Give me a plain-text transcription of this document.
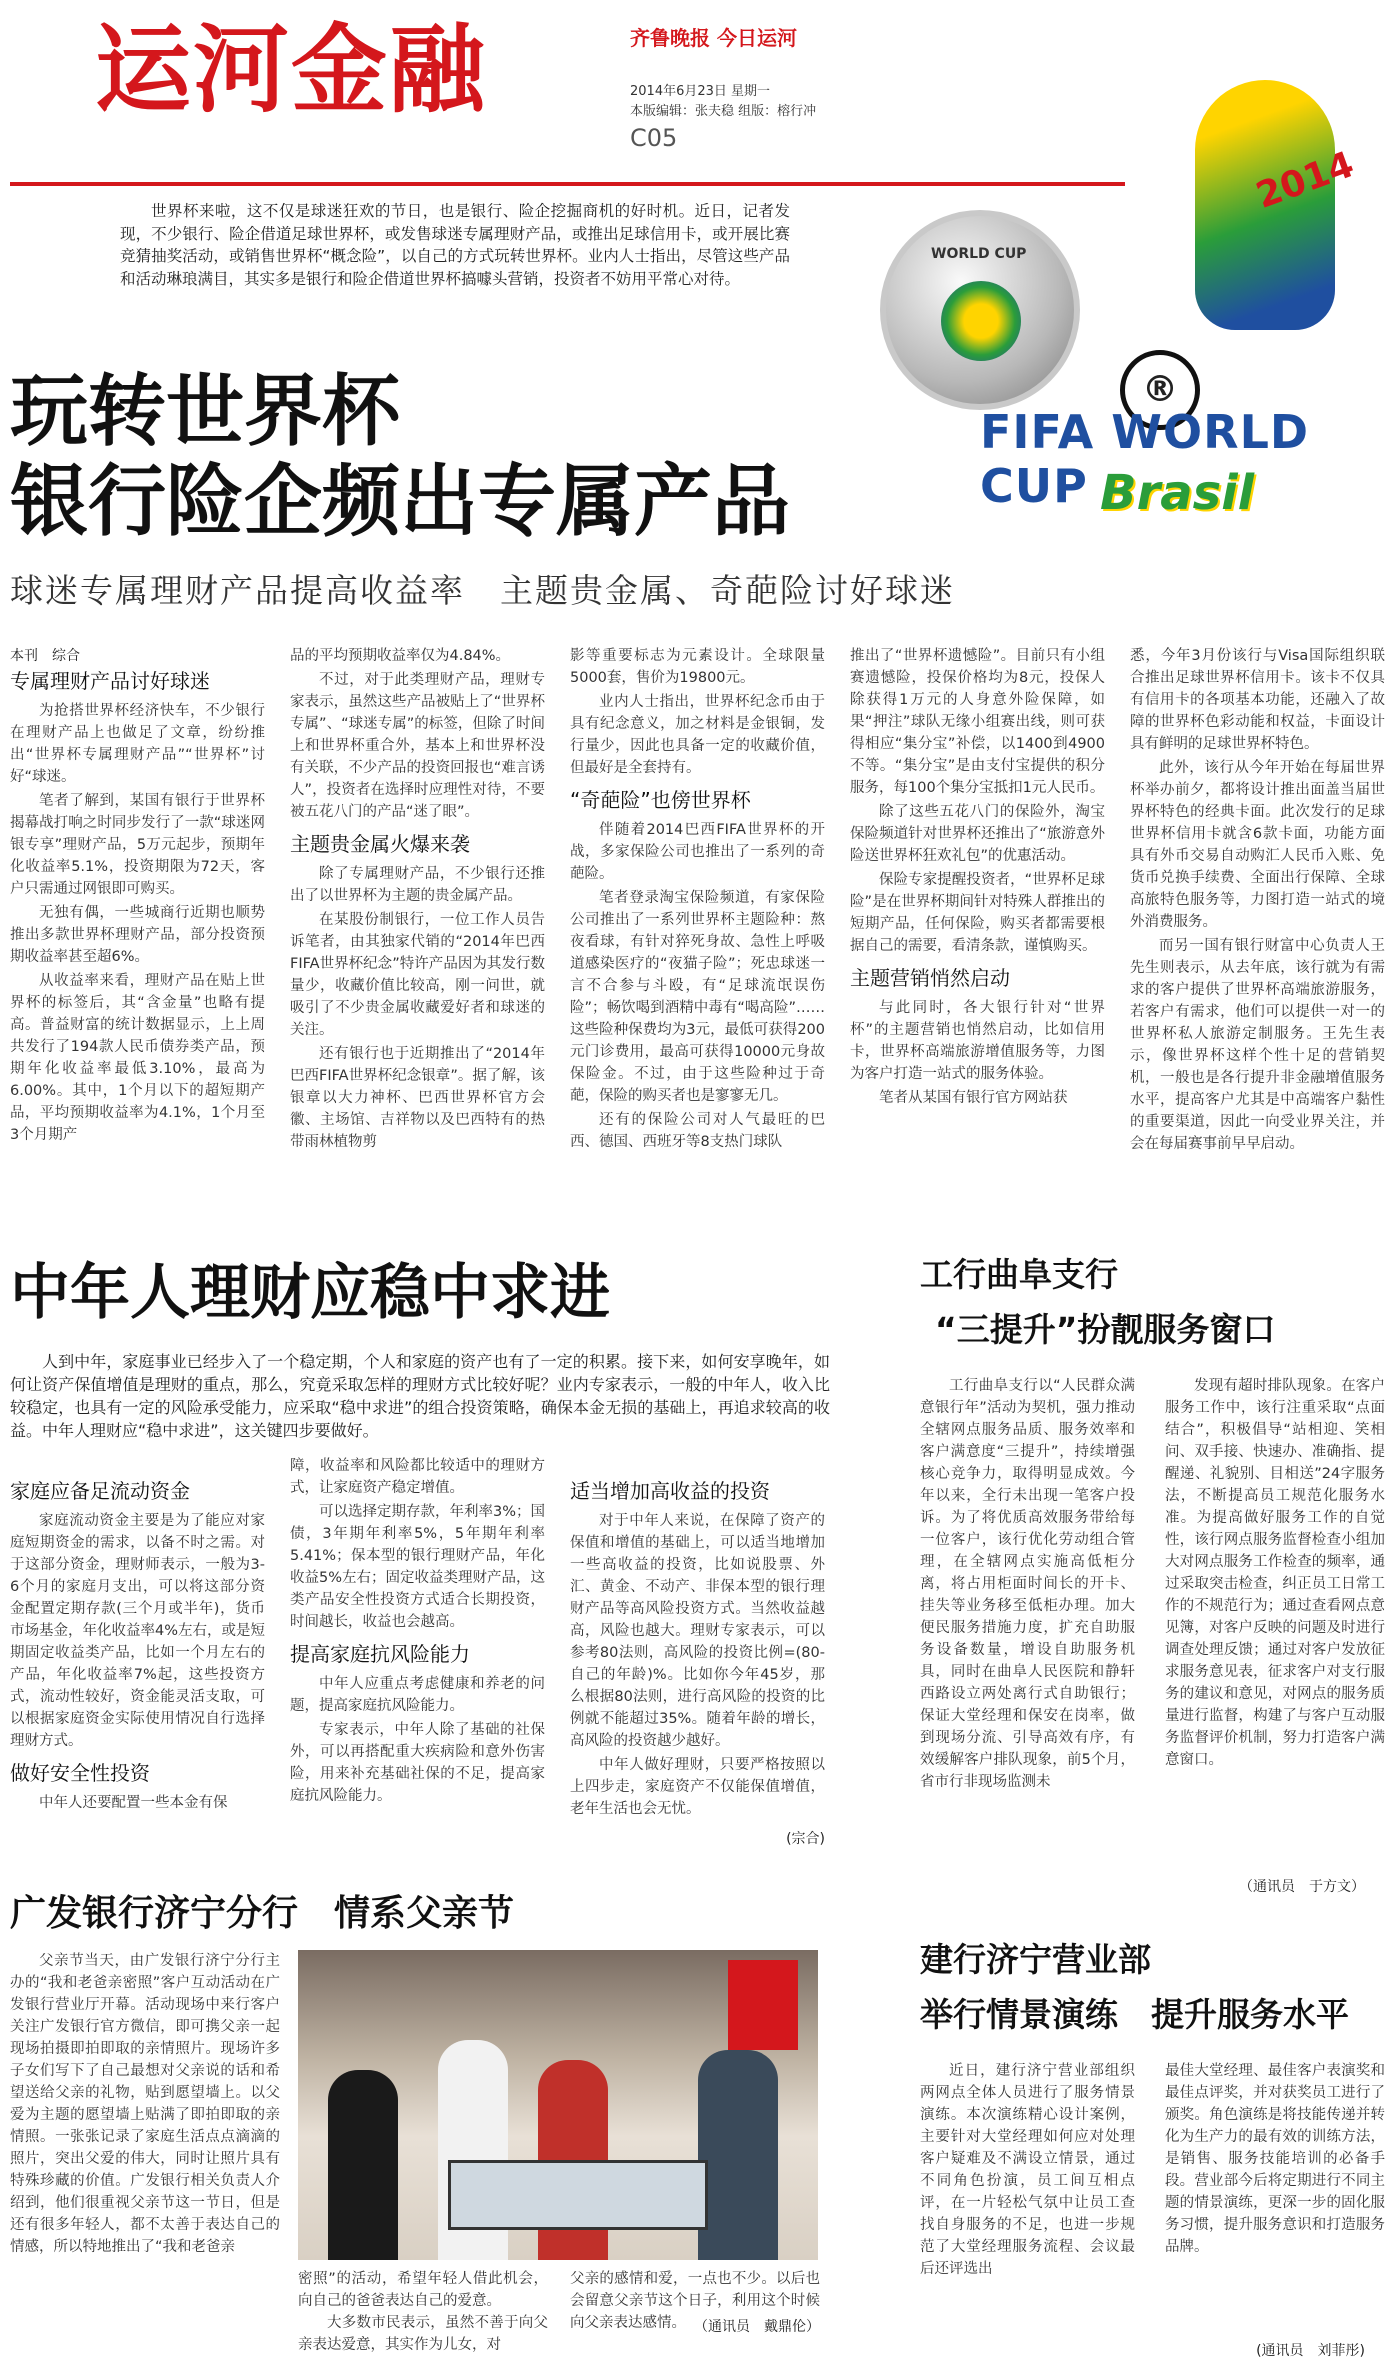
运河金融	齐鲁晚报 今日运河
2014年6月23日 星期一
本版编辑：张夫稳 组版：榕行冲
C05
世界杯来啦，这不仅是球迷狂欢的节日，也是银行、险企挖掘商机的好时机。近日，记者发现，不少银行、险企借道足球世界杯，或发售球迷专属理财产品，或推出足球信用卡，或开展比赛竞猜抽奖活动，或销售世界杯“概念险”，以自己的方式玩转世界杯。业内人士指出，尽管这些产品和活动琳琅满目，其实多是银行和险企借道世界杯搞噱头营销，投资者不妨用平常心对待。
WORLD CUP
2014
®
FIFA WORLD CUP Brasil
玩转世界杯
银行险企频出专属产品
球迷专属理财产品提高收益率　主题贵金属、奇葩险讨好球迷
本刊　综合
专属理财产品讨好球迷

为抢搭世界杯经济快车，不少银行在理财产品上也做足了文章，纷纷推出“世界杯专属理财产品”“世界杯”讨好“球迷。

笔者了解到，某国有银行于世界杯揭幕战打响之时同步发行了一款“球迷网银专享”理财产品，5万元起步，预期年化收益率5.1%，投资期限为72天，客户只需通过网银即可购买。

无独有偶，一些城商行近期也顺势推出多款世界杯理财产品，部分投资预期收益率甚至超6%。

从收益率来看，理财产品在贴上世界杯的标签后，其“含金量”也略有提高。普益财富的统计数据显示，上上周共发行了194款人民币债券类产品，预期年化收益率最低3.10%，最高为6.00%。其中，1个月以下的超短期产品，平均预期收益率为4.1%，1个月至3个月期产

品的平均预期收益率仅为4.84%。

不过，对于此类理财产品，理财专家表示，虽然这些产品被贴上了“世界杯专属”、“球迷专属”的标签，但除了时间上和世界杯重合外，基本上和世界杯没有关联，不少产品的投资回报也“难言诱人”，投资者在选择时应理性对待，不要被五花八门的产品“迷了眼”。

主题贵金属火爆来袭

除了专属理财产品，不少银行还推出了以世界杯为主题的贵金属产品。

在某股份制银行，一位工作人员告诉笔者，由其独家代销的“2014年巴西FIFA世界杯纪念”特许产品因为其发行数量少，收藏价值比较高，刚一问世，就吸引了不少贵金属收藏爱好者和球迷的关注。

还有银行也于近期推出了“2014年巴西FIFA世界杯纪念银章”。据了解，该银章以大力神杯、巴西世界杯官方会徽、主场馆、吉祥物以及巴西特有的热带雨林植物剪

影等重要标志为元素设计。全球限量5000套，售价为19800元。

业内人士指出，世界杯纪念币由于具有纪念意义，加之材料是金银铜，发行量少，因此也具备一定的收藏价值，但最好是全套持有。

“奇葩险”也傍世界杯

伴随着2014巴西FIFA世界杯的开战，多家保险公司也推出了一系列的奇葩险。

笔者登录淘宝保险频道，有家保险公司推出了一系列世界杯主题险种：熬夜看球，有针对猝死身故、急性上呼吸道感染医疗的“夜猫子险”；死忠球迷一言不合参与斗殴，有“足球流氓误伤险”；畅饮喝到酒精中毒有“喝高险”……这些险种保费均为3元，最低可获得200元门诊费用，最高可获得10000元身故保险金。不过，由于这些险种过于奇葩，保险的购买者也是寥寥无几。

还有的保险公司对人气最旺的巴西、德国、西班牙等8支热门球队

推出了“世界杯遗憾险”。目前只有小组赛遗憾险，投保价格均为8元，投保人除获得1万元的人身意外险保障，如果“押注”球队无缘小组赛出线，则可获得相应“集分宝”补偿，以1400到4900不等。“集分宝”是由支付宝提供的积分服务，每100个集分宝抵扣1元人民币。

除了这些五花八门的保险外，淘宝保险频道针对世界杯还推出了“旅游意外险送世界杯狂欢礼包”的优惠活动。

保险专家提醒投资者，“世界杯足球险”是在世界杯期间针对特殊人群推出的短期产品，任何保险，购买者都需要根据自己的需要，看清条款，谨慎购买。

主题营销悄然启动

与此同时，各大银行针对“世界杯”的主题营销也悄然启动，比如信用卡，世界杯高端旅游增值服务等，力图为客户打造一站式的服务体验。

笔者从某国有银行官方网站获

悉，今年3月份该行与Visa国际组织联合推出足球世界杯信用卡。该卡不仅具有信用卡的各项基本功能，还融入了故障的世界杯色彩动能和权益，卡面设计具有鲜明的足球世界杯特色。

此外，该行从今年开始在每届世界杯举办前夕，都将设计推出面盖当届世界杯特色的经典卡面。此次发行的足球世界杯信用卡就含6款卡面，功能方面具有外币交易自动购汇人民币入账、免货币兑换手续费、全面出行保障、全球高旅特色服务等，力图打造一站式的境外消费服务。

而另一国有银行财富中心负责人王先生则表示，从去年底，该行就为有需求的客户提供了世界杯高端旅游服务，若客户有需求，他们可以提供一对一的世界杯私人旅游定制服务。王先生表示，像世界杯这样个性十足的营销契机，一般也是各行提升非金融增值服务水平，提高客户尤其是中高端客户黏性的重要渠道，因此一向受业界关注，并会在每届赛事前早早启动。

中年人理财应稳中求进
人到中年，家庭事业已经步入了一个稳定期，个人和家庭的资产也有了一定的积累。接下来，如何安享晚年，如何让资产保值增值是理财的重点，那么，究竟采取怎样的理财方式比较好呢？业内专家表示，一般的中年人，收入比较稳定，也具有一定的风险承受能力，应采取“稳中求进”的组合投资策略，确保本金无损的基础上，再追求较高的收益。中年人理财应“稳中求进”，这关键四步要做好。
家庭应备足流动资金

家庭流动资金主要是为了能应对家庭短期资金的需求，以备不时之需。对于这部分资金，理财师表示，一般为3-6个月的家庭月支出，可以将这部分资金配置定期存款(三个月或半年)，货币市场基金，年化收益率4%左右，或是短期固定收益类产品，比如一个月左右的产品，年化收益率7%起，这些投资方式，流动性较好，资金能灵活支取，可以根据家庭资金实际使用情况自行选择理财方式。

做好安全性投资

中年人还要配置一些本金有保

障，收益率和风险都比较适中的理财方式，让家庭资产稳定增值。

可以选择定期存款，年利率3%；国债，3年期年利率5%，5年期年利率5.41%；保本型的银行理财产品，年化收益5%左右；固定收益类理财产品，这类产品安全性投资方式适合长期投资，时间越长，收益也会越高。

提高家庭抗风险能力

中年人应重点考虑健康和养老的问题，提高家庭抗风险能力。

专家表示，中年人除了基础的社保外，可以再搭配重大疾病险和意外伤害险，用来补充基础社保的不足，提高家庭抗风险能力。

适当增加高收益的投资

对于中年人来说，在保障了资产的保值和增值的基础上，可以适当地增加一些高收益的投资，比如说股票、外汇、黄金、不动产、非保本型的银行理财产品等高风险投资方式。当然收益越高，风险也越大。理财专家表示，可以参考80法则，高风险的投资比例=(80-自己的年龄)%。比如你今年45岁，那么根据80法则，进行高风险的投资的比例就不能超过35%。随着年龄的增长，高风险的投资越少越好。

中年人做好理财，只要严格按照以上四步走，家庭资产不仅能保值增值，老年生活也会无忧。

(宗合)
工行曲阜支行
“三提升”扮靓服务窗口
工行曲阜支行以“人民群众满意银行年”活动为契机，强力推动全辖网点服务品质、服务效率和客户满意度“三提升”，持续增强核心竞争力，取得明显成效。今年以来，全行未出现一笔客户投诉。为了将优质高效服务带给每一位客户，该行优化劳动组合管理，在全辖网点实施高低柜分离，将占用柜面时间长的开卡、挂失等业务移至低柜办理。加大便民服务措施力度，扩充自助服务设备数量，增设自助服务机具，同时在曲阜人民医院和静轩西路设立两处离行式自助银行；保证大堂经理和保安在岗率，做到现场分流、引导高效有序，有效缓解客户排队现象，前5个月，省市行非现场监测未
发现有超时排队现象。在客户服务工作中，该行注重采取“点面结合”，积极倡导“站相迎、笑相问、双手接、快速办、准确指、提醒递、礼貌别、目相送”24字服务法，不断提高员工规范化服务水准。为提高做好服务工作的自觉性，该行网点服务监督检查小组加大对网点服务工作检查的频率，通过采取突击检查，纠正员工日常工作的不规范行为；通过查看网点意见簿，对客户反映的问题及时进行调查处理反馈；通过对客户发放征求服务意见表，征求客户对支行服务的建议和意见，对网点的服务质量进行监督，构建了与客户互动服务监督评价机制，努力打造客户满意窗口。
（通讯员　于方文）
广发银行济宁分行　情系父亲节
父亲节当天，由广发银行济宁分行主办的“我和老爸亲密照”客户互动活动在广发银行营业厅开幕。活动现场中来行客户关注广发银行官方微信，即可携父亲一起现场拍摄即拍即取的亲情照片。现场许多子女们写下了自己最想对父亲说的话和希望送给父亲的礼物，贴到愿望墙上。以父爱为主题的愿望墙上贴满了即拍即取的亲情照。一张张记录了家庭生活点点滴滴的照片，突出父爱的伟大，同时让照片具有特殊珍藏的价值。广发银行相关负责人介绍到，他们很重视父亲节这一节日，但是还有很多年轻人，都不太善于表达自己的情感，所以特地推出了“我和老爸亲
密照”的活动，希望年轻人借此机会，向自己的爸爸表达自己的爱意。
大多数市民表示，虽然不善于向父亲表达爱意，其实作为儿女，对
父亲的感情和爱，一点也不少。以后也会留意父亲节这个日子，利用这个时候向父亲表达感情。 （通讯员　戴鼎伦）
建行济宁营业部
举行情景演练　提升服务水平
近日，建行济宁营业部组织两网点全体人员进行了服务情景演练。本次演练精心设计案例，主要针对大堂经理如何应对处理客户疑难及不满设立情景，通过不同角色扮演，员工间互相点评，在一片轻松气氛中让员工查找自身服务的不足，也进一步规范了大堂经理服务流程、会议最后还评选出
最佳大堂经理、最佳客户表演奖和最佳点评奖，并对获奖员工进行了颁奖。角色演练是将技能传递并转化为生产力的最有效的训练方法，是销售、服务技能培训的必备手段。营业部今后将定期进行不同主题的情景演练，更深一步的固化服务习惯，提升服务意识和打造服务品牌。
(通讯员　刘菲彤)
